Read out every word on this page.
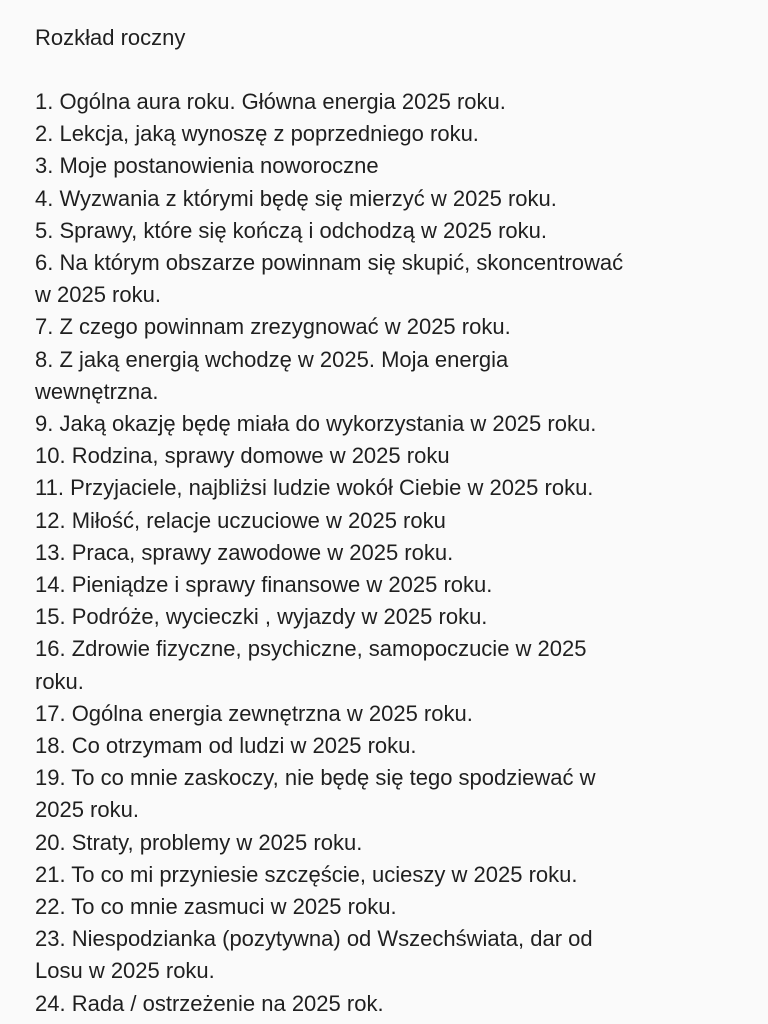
Rozkład roczny
1. Ogólna aura roku. Główna energia 2025 roku.
2. Lekcja, jaką wynoszę z poprzedniego roku.
3. Moje postanowienia noworoczne
4. Wyzwania z którymi będę się mierzyć w 2025 roku.
5. Sprawy, które się kończą i odchodzą w 2025 roku.
6. Na którym obszarze powinnam się skupić, skoncentrować
w 2025 roku.
7. Z czego powinnam zrezygnować w 2025 roku.
8. Z jaką energią wchodzę w 2025. Moja energia
wewnętrzna.
9. Jaką okazję będę miała do wykorzystania w 2025 roku.
10. Rodzina, sprawy domowe w 2025 roku
11. Przyjaciele, najbliżsi ludzie wokół Ciebie w 2025 roku.
12. Miłość, relacje uczuciowe w 2025 roku
13. Praca, sprawy zawodowe w 2025 roku.
14. Pieniądze i sprawy finansowe w 2025 roku.
15. Podróże, wycieczki , wyjazdy w 2025 roku.
16. Zdrowie fizyczne, psychiczne, samopoczucie w 2025
roku.
17. Ogólna energia zewnętrzna w 2025 roku.
18. Co otrzymam od ludzi w 2025 roku.
19. To co mnie zaskoczy, nie będę się tego spodziewać w
2025 roku.
20. Straty, problemy w 2025 roku.
21. To co mi przyniesie szczęście, ucieszy w 2025 roku.
22. To co mnie zasmuci w 2025 roku.
23. Niespodzianka (pozytywna) od Wszechświata, dar od
Losu w 2025 roku.
24. Rada / ostrzeżenie na 2025 rok.
